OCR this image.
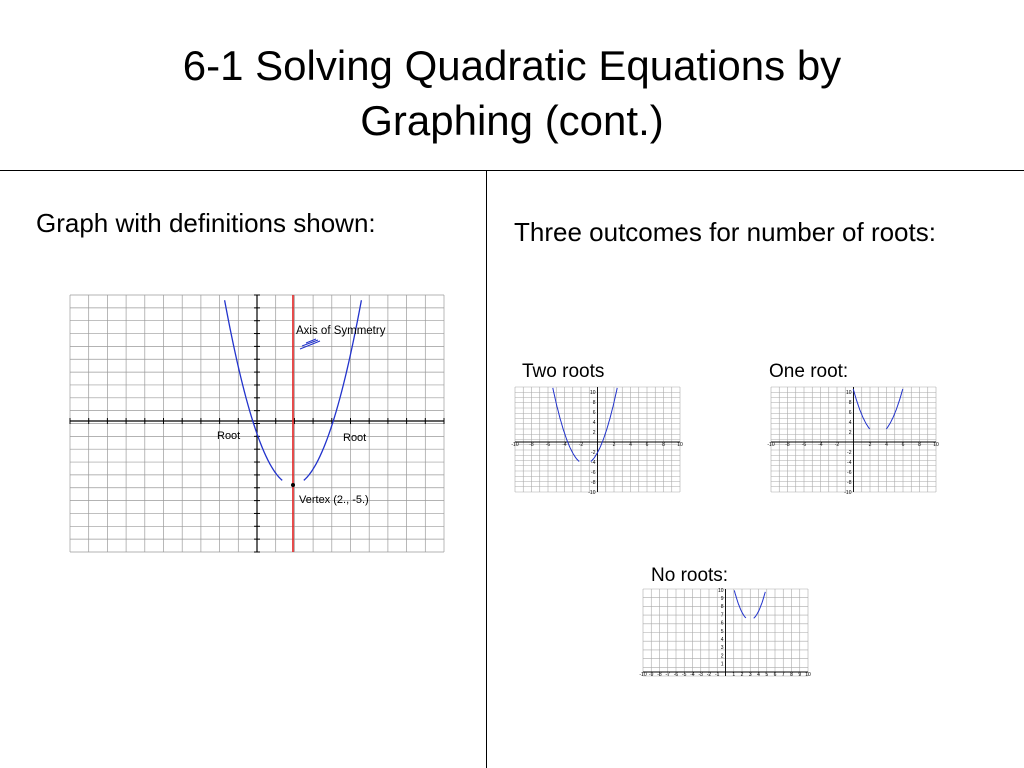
6-1 Solving Quadratic Equations by
Graphing (cont.)
Graph with definitions shown:	Three outcomes for number of roots:
Axis of Symmetry
Root	Root
Vertex (2., -5.)
Two roots
-10 -8 -6 -4 -2	2	4	6	8 10
10
8
6
4
2
-2
-4
-6
-8
-10
One root:
-10 -8 -6 -4 -2	2	4	6	8 10
10
8
6
4
2
-2
-4
-6
-8
-10
No roots:
-10 -9 -8 -7 -6 -5 -4 -3 -2 -1	1 2 3 4 5 6 7 8 9 10
10
9
8
7
6
5
4
3
2
1
